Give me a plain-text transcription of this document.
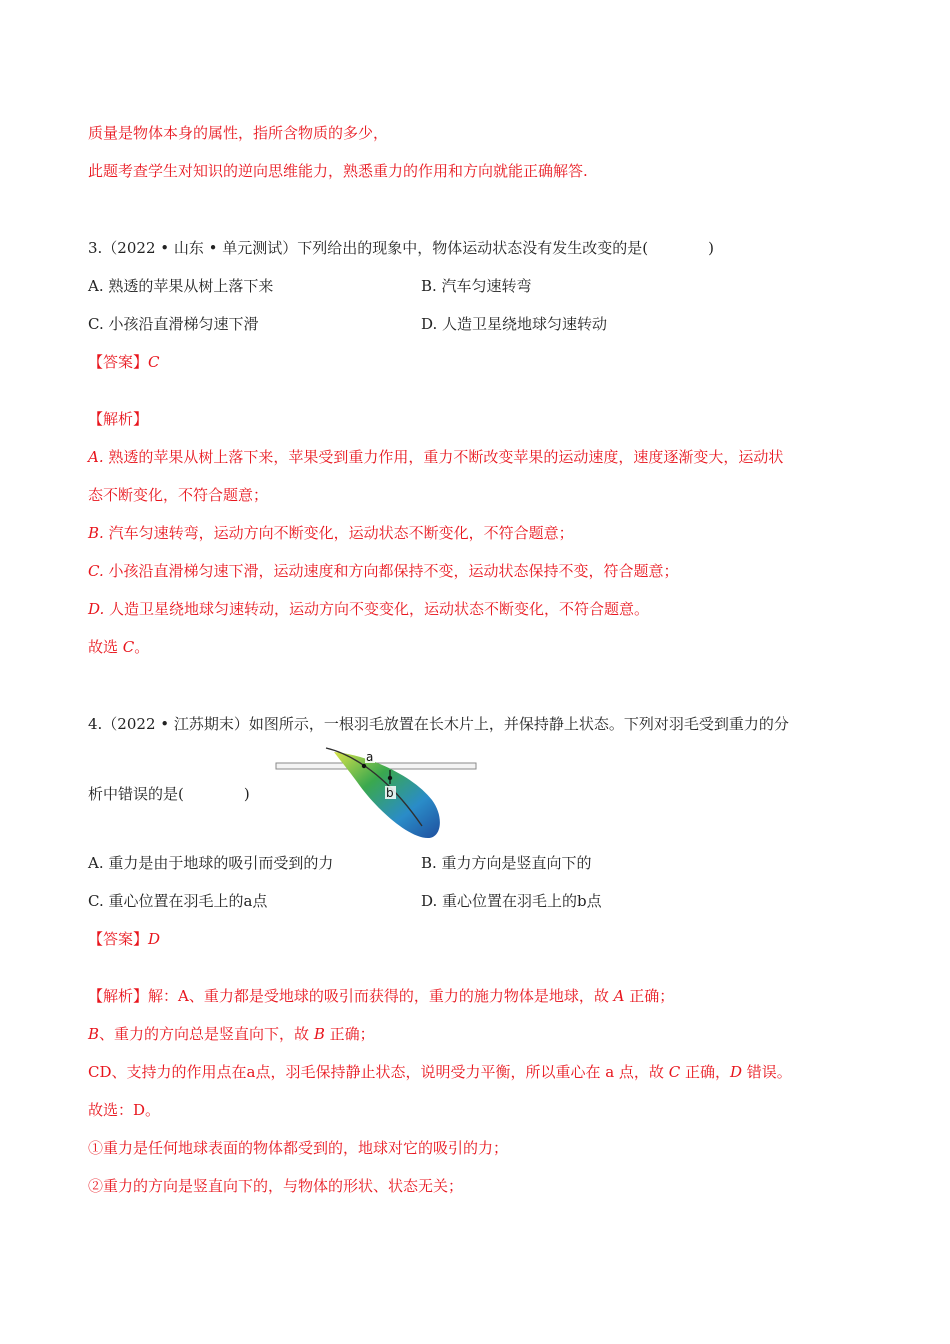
质量是物体本身的属性，指所含物质的多少，
此题考查学生对知识的逆向思维能力，熟悉重力的作用和方向就能正确解答.
3.（2022 • 山东 • 单元测试）下列给出的现象中，物体运动状态没有发生改变的是(　　　　)
A. 熟透的苹果从树上落下来	B. 汽车匀速转弯
C. 小孩沿直滑梯匀速下滑	D. 人造卫星绕地球匀速转动
【答案】C
【解析】
A. 熟透的苹果从树上落下来，苹果受到重力作用，重力不断改变苹果的运动速度，速度逐渐变大，运动状
态不断变化，不符合题意；
B. 汽车匀速转弯，运动方向不断变化，运动状态不断变化，不符合题意；
C. 小孩沿直滑梯匀速下滑，运动速度和方向都保持不变，运动状态保持不变，符合题意；
D. 人造卫星绕地球匀速转动，运动方向不变变化，运动状态不断变化，不符合题意。
故选 C。
4.（2022 • 江苏期末）如图所示，一根羽毛放置在长木片上，并保持静上状态。下列对羽毛受到重力的分
析中错误的是(　　　　)
a
b
A. 重力是由于地球的吸引而受到的力	B. 重力方向是竖直向下的
C. 重心位置在羽毛上的a点	D. 重心位置在羽毛上的b点
【答案】D
【解析】解：A、重力都是受地球的吸引而获得的，重力的施力物体是地球，故 A 正确；
B、重力的方向总是竖直向下，故 B 正确；
CD、支持力的作用点在a点，羽毛保持静止状态，说明受力平衡，所以重心在 a 点，故 C 正确，D 错误。
故选：D。
①重力是任何地球表面的物体都受到的，地球对它的吸引的力；
②重力的方向是竖直向下的，与物体的形状、状态无关；
